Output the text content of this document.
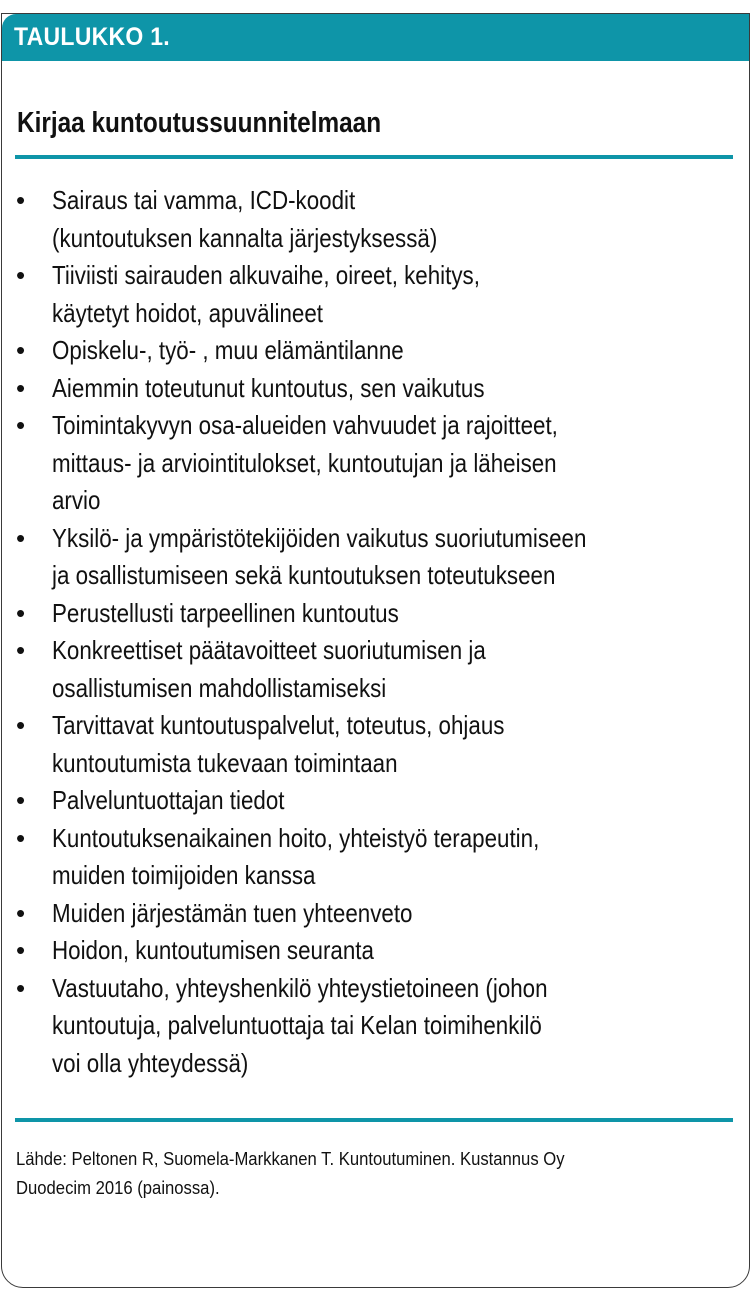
TAULUKKO 1.
Kirjaa kuntoutussuunnitelmaan
•	Sairaus tai vamma, ICD-koodit
(kuntoutuksen kannalta järjestyksessä)
•	Tiiviisti sairauden alkuvaihe, oireet, kehitys,
käytetyt hoidot, apuvälineet
•	Opiskelu-, työ- , muu elämäntilanne
•	Aiemmin toteutunut kuntoutus, sen vaikutus
•	Toimintakyvyn osa-alueiden vahvuudet ja rajoitteet,
mittaus- ja arviointitulokset, kuntoutujan ja läheisen
arvio
•	Yksilö- ja ympäristötekijöiden vaikutus suoriutumiseen
ja osallistumiseen sekä kuntoutuksen toteutukseen
•	Perustellusti tarpeellinen kuntoutus
•	Konkreettiset päätavoitteet suoriutumisen ja
osallistumisen mahdollistamiseksi
•	Tarvittavat kuntoutuspalvelut, toteutus, ohjaus
kuntoutumista tukevaan toimintaan
•	Palveluntuottajan tiedot
•	Kuntoutuksenaikainen hoito, yhteistyö terapeutin,
muiden toimijoiden kanssa
•	Muiden järjestämän tuen yhteenveto
•	Hoidon, kuntoutumisen seuranta
•	Vastuutaho, yhteyshenkilö yhteystietoineen (johon
kuntoutuja, palveluntuottaja tai Kelan toimihenkilö
voi olla yhteydessä)
Lähde: Peltonen R, Suomela-Markkanen T. Kuntoutuminen. Kustannus Oy
Duodecim 2016 (painossa).
